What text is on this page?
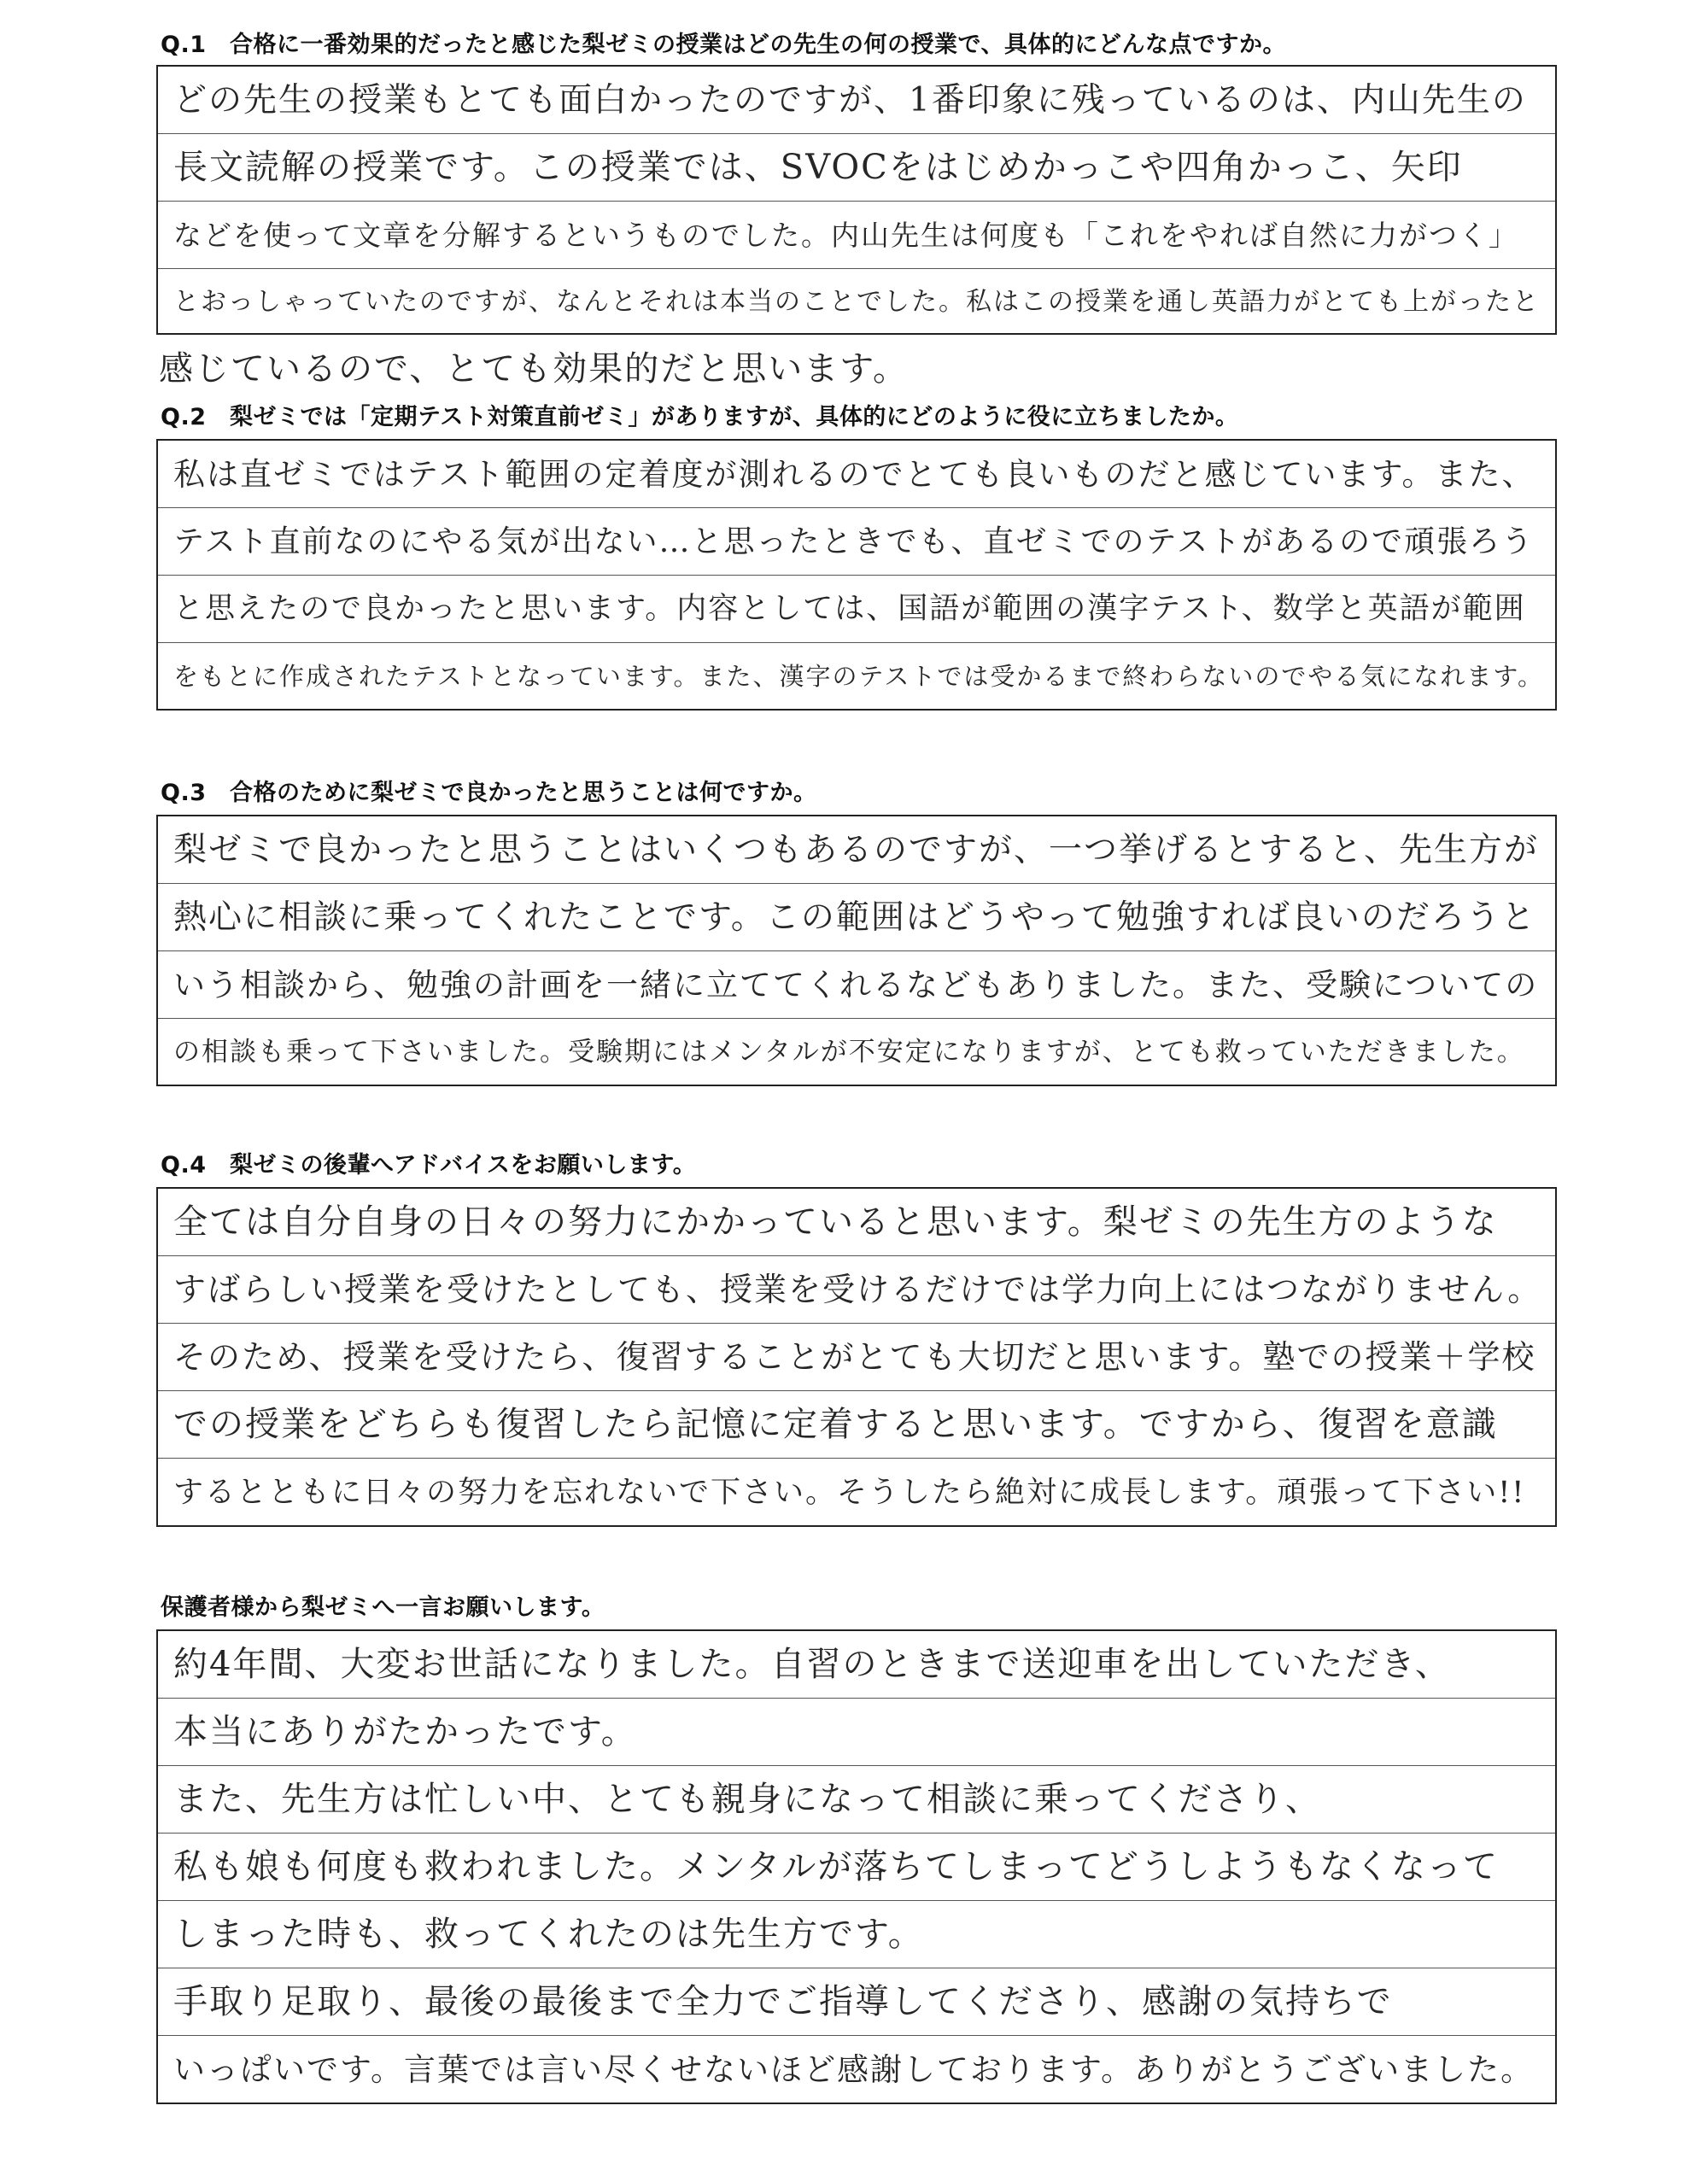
Q.1　合格に一番効果的だったと感じた梨ゼミの授業はどの先生の何の授業で、具体的にどんな点ですか。
どの先生の授業もとても面白かったのですが、1番印象に残っているのは、内山先生の
長文読解の授業です。この授業では、SVOCをはじめかっこや四角かっこ、矢印
などを使って文章を分解するというものでした。内山先生は何度も「これをやれば自然に力がつく」
とおっしゃっていたのですが、なんとそれは本当のことでした。私はこの授業を通し英語力がとても上がったと
感じているので、とても効果的だと思います。
Q.2　梨ゼミでは「定期テスト対策直前ゼミ」がありますが、具体的にどのように役に立ちましたか。
私は直ゼミではテスト範囲の定着度が測れるのでとても良いものだと感じています。また、
テスト直前なのにやる気が出ない…と思ったときでも、直ゼミでのテストがあるので頑張ろう
と思えたので良かったと思います。内容としては、国語が範囲の漢字テスト、数学と英語が範囲
をもとに作成されたテストとなっています。また、漢字のテストでは受かるまで終わらないのでやる気になれます。
Q.3　合格のために梨ゼミで良かったと思うことは何ですか。
梨ゼミで良かったと思うことはいくつもあるのですが、一つ挙げるとすると、先生方が
熱心に相談に乗ってくれたことです。この範囲はどうやって勉強すれば良いのだろうと
いう相談から、勉強の計画を一緒に立ててくれるなどもありました。また、受験についての
の相談も乗って下さいました。受験期にはメンタルが不安定になりますが、とても救っていただきました。
Q.4　梨ゼミの後輩へアドバイスをお願いします。
全ては自分自身の日々の努力にかかっていると思います。梨ゼミの先生方のような
すばらしい授業を受けたとしても、授業を受けるだけでは学力向上にはつながりません。
そのため、授業を受けたら、復習することがとても大切だと思います。塾での授業＋学校
での授業をどちらも復習したら記憶に定着すると思います。ですから、復習を意識
するとともに日々の努力を忘れないで下さい。そうしたら絶対に成長します。頑張って下さい!!
保護者様から梨ゼミへ一言お願いします。
約4年間、大変お世話になりました。自習のときまで送迎車を出していただき、
本当にありがたかったです。
また、先生方は忙しい中、とても親身になって相談に乗ってくださり、
私も娘も何度も救われました。メンタルが落ちてしまってどうしようもなくなって
しまった時も、救ってくれたのは先生方です。
手取り足取り、最後の最後まで全力でご指導してくださり、感謝の気持ちで
いっぱいです。言葉では言い尽くせないほど感謝しております。ありがとうございました。
